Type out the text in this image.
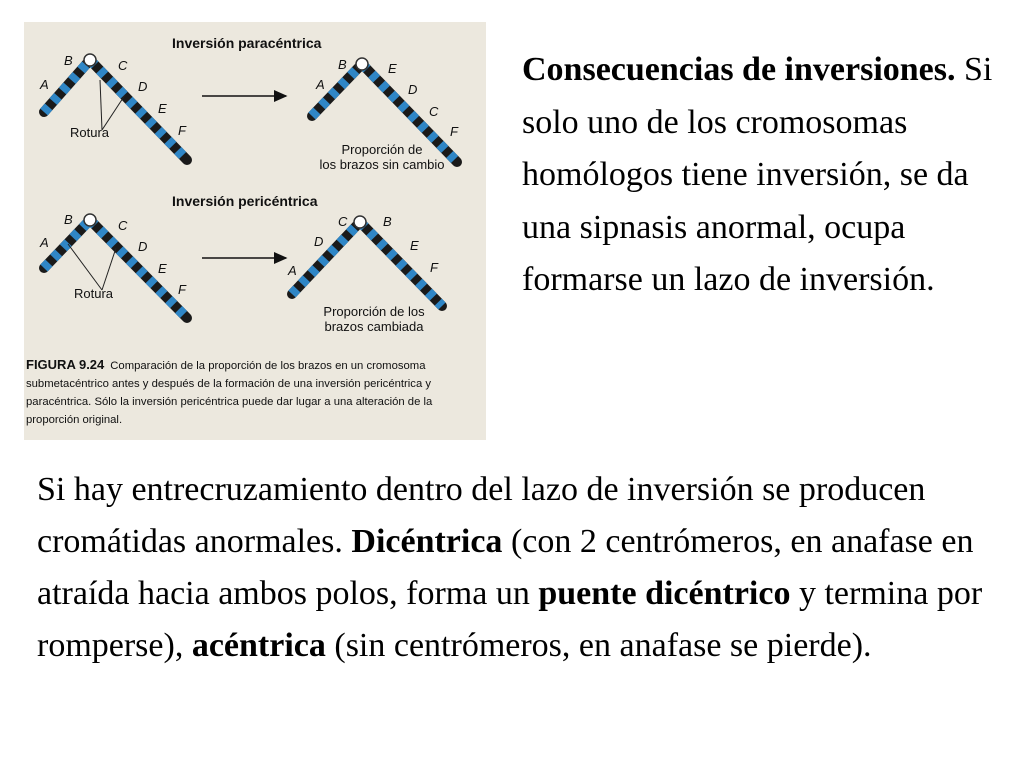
Inversión paracéntrica
Inversión pericéntrica
A
B	C
D
E
F
Rotura
A
B	E
D
C
F
Proporción de
los brazos sin cambio
A
B	C
D
E
F
Rotura
A
D
C	B
E
F
Proporción de los
brazos cambiada
FIGURA 9.24 Comparación de la proporción de los brazos en un cromosoma submetacéntrico antes y después de la formación de una inversión pericéntrica y paracéntrica. Sólo la inversión pericéntrica puede dar lugar a una alteración de la proporción original.
Consecuencias de inversiones. Si solo uno de los cromosomas homólogos tiene inversión, se da una sipnasis anormal, ocupa formarse un lazo de inversión.
Si hay entrecruzamiento dentro del lazo de inversión se producen cromátidas anormales. Dicéntrica (con 2 centrómeros, en anafase en atraída hacia ambos polos, forma un puente dicéntrico y termina por romperse), acéntrica (sin centrómeros, en anafase se pierde).
